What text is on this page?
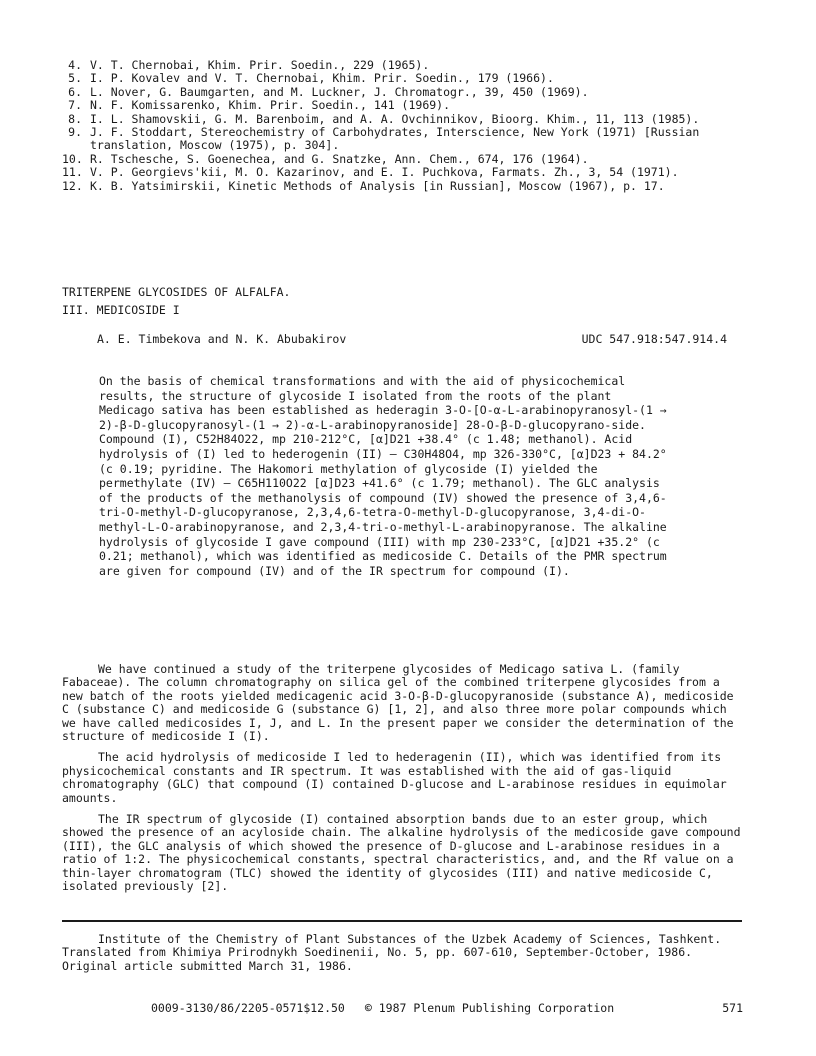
4. V. T. Chernobai, Khim. Prir. Soedin., 229 (1965).
5. I. P. Kovalev and V. T. Chernobai, Khim. Prir. Soedin., 179 (1966).
6. L. Nover, G. Baumgarten, and M. Luckner, J. Chromatogr., 39, 450 (1969).
7. N. F. Komissarenko, Khim. Prir. Soedin., 141 (1969).
8. I. L. Shamovskii, G. M. Barenboim, and A. A. Ovchinnikov, Bioorg. Khim., 11, 113 (1985).
9. J. F. Stoddart, Stereochemistry of Carbohydrates, Interscience, New York (1971) [Russian translation, Moscow (1975), p. 304].
10. R. Tschesche, S. Goenechea, and G. Snatzke, Ann. Chem., 674, 176 (1964).
11. V. P. Georgievs'kii, M. O. Kazarinov, and E. I. Puchkova, Farmats. Zh., 3, 54 (1971).
12. K. B. Yatsimirskii, Kinetic Methods of Analysis [in Russian], Moscow (1967), p. 17.
TRITERPENE GLYCOSIDES OF ALFALFA.
III. MEDICOSIDE I
A. E. Timbekova and N. K. Abubakirov	UDC 547.918:547.914.4

On the basis of chemical transformations and with the aid of physicochemical results, the structure of glycoside I isolated from the roots of the plant Medicago sativa has been established as hederagin 3-O-[O-α-L-arabinopyranosyl-(1 → 2)-β-D-glucopyranosyl-(1 → 2)-α-L-arabinopyranoside] 28-O-β-D-glucopyrano-side. Compound (I), C52H84O22, mp 210-212°C, [α]D21 +38.4° (c 1.48; methanol). Acid hydrolysis of (I) led to hederogenin (II) — C30H48O4, mp 326-330°C, [α]D23 + 84.2° (c 0.19; pyridine. The Hakomori methylation of glycoside (I) yielded the permethylate (IV) — C65H110O22 [α]D23 +41.6° (c 1.79; methanol). The GLC analysis of the products of the methanolysis of compound (IV) showed the presence of 3,4,6-tri-O-methyl-D-glucopyranose, 2,3,4,6-tetra-O-methyl-D-glucopyranose, 3,4-di-O-methyl-L-O-arabinopyranose, and 2,3,4-tri-o-methyl-L-arabinopyranose. The alkaline hydrolysis of glycoside I gave compound (III) with mp 230-233°C, [α]D21 +35.2° (c 0.21; methanol), which was identified as medicoside C. Details of the PMR spectrum are given for compound (IV) and of the IR spectrum for compound (I).

We have continued a study of the triterpene glycosides of Medicago sativa L. (family Fabaceae). The column chromatography on silica gel of the combined triterpene glycosides from a new batch of the roots yielded medicagenic acid 3-O-β-D-glucopyranoside (substance A), medicoside C (substance C) and medicoside G (substance G) [1, 2], and also three more polar compounds which we have called medicosides I, J, and L. In the present paper we consider the determination of the structure of medicoside I (I).

The acid hydrolysis of medicoside I led to hederagenin (II), which was identified from its physicochemical constants and IR spectrum. It was established with the aid of gas-liquid chromatography (GLC) that compound (I) contained D-glucose and L-arabinose residues in equimolar amounts.

The IR spectrum of glycoside (I) contained absorption bands due to an ester group, which showed the presence of an acyloside chain. The alkaline hydrolysis of the medicoside gave compound (III), the GLC analysis of which showed the presence of D-glucose and L-arabinose residues in a ratio of 1:2. The physicochemical constants, spectral characteristics, and, and the Rf value on a thin-layer chromatogram (TLC) showed the identity of glycosides (III) and native medicoside C, isolated previously [2].

Institute of the Chemistry of Plant Substances of the Uzbek Academy of Sciences, Tashkent. Translated from Khimiya Prirodnykh Soedinenii, No. 5, pp. 607-610, September-October, 1986. Original article submitted March 31, 1986.

0009-3130/86/2205-0571$12.50 © 1987 Plenum Publishing Corporation	571
